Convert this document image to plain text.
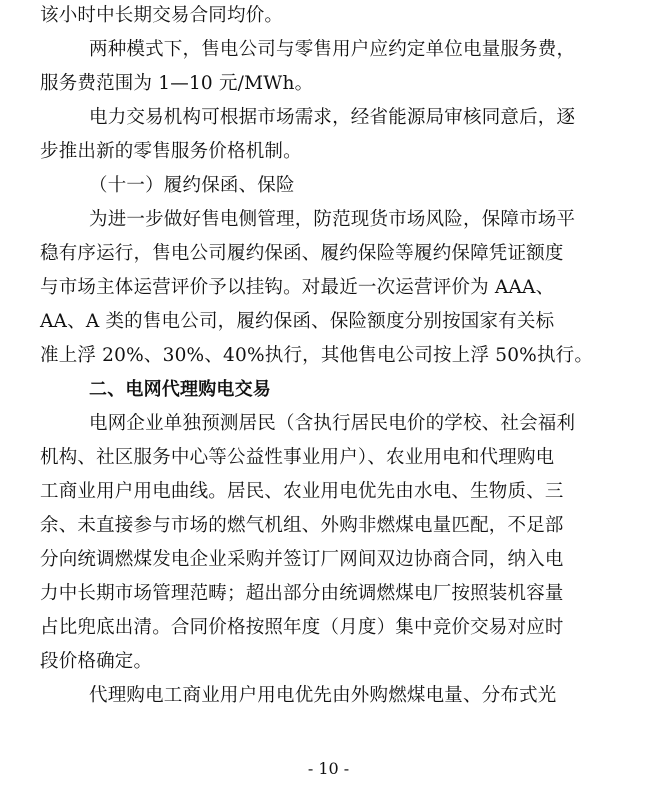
该小时中长期交易合同均价。
两种模式下，售电公司与零售用户应约定单位电量服务费，
服务费范围为 1—10 元/MWh。
电力交易机构可根据市场需求，经省能源局审核同意后，逐
步推出新的零售服务价格机制。
（十一）履约保函、保险
为进一步做好售电侧管理，防范现货市场风险，保障市场平
稳有序运行，售电公司履约保函、履约保险等履约保障凭证额度
与市场主体运营评价予以挂钩。对最近一次运营评价为 AAA、
AA、A 类的售电公司，履约保函、保险额度分别按国家有关标
准上浮 20%、30%、40%执行，其他售电公司按上浮 50%执行。
二、电网代理购电交易
电网企业单独预测居民（含执行居民电价的学校、社会福利
机构、社区服务中心等公益性事业用户）、农业用电和代理购电
工商业用户用电曲线。居民、农业用电优先由水电、生物质、三
余、未直接参与市场的燃气机组、外购非燃煤电量匹配，不足部
分向统调燃煤发电企业采购并签订厂网间双边协商合同，纳入电
力中长期市场管理范畴；超出部分由统调燃煤电厂按照装机容量
占比兜底出清。合同价格按照年度（月度）集中竞价交易对应时
段价格确定。
代理购电工商业用户用电优先由外购燃煤电量、分布式光
- 10 -
